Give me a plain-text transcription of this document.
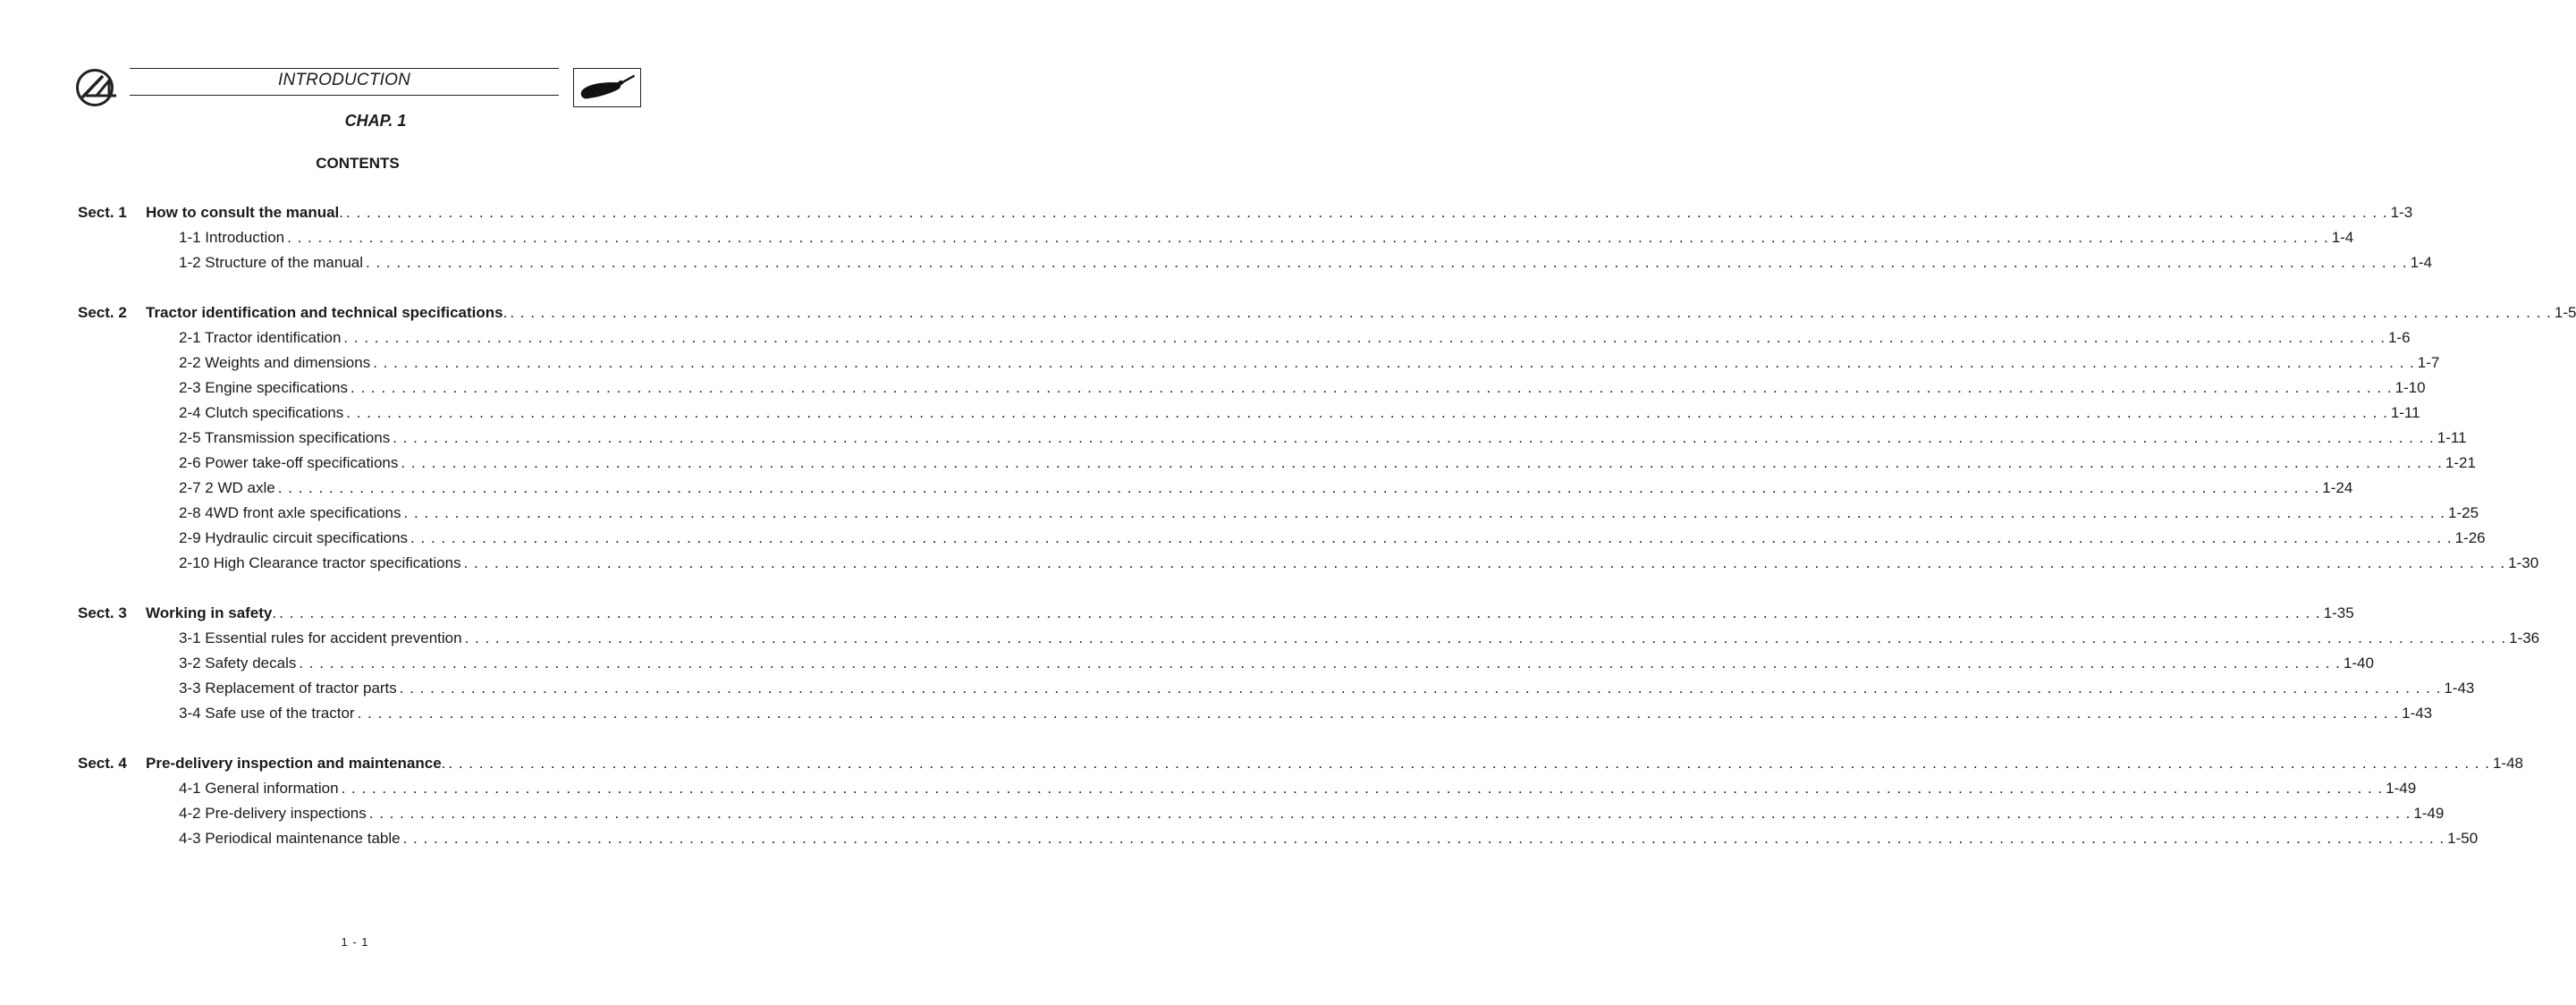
INTRODUCTION
CHAP. 1
CONTENTS
Sect. 1 How to consult the manual . . . . . . . . . . . . . . . . . . . . . . . . . . . . . . . . . . . . . . . . . . . . . . . . . . . . . . . . . . . . . . . . . . . . . . . . . . . . . . . . . . . . . . . . . . . . . . . . . . . . . . . . . . . . . . . . . . . . . . . . . . . . . . . . . . . . . . . . . . . . . . . . . . . . . . . . . . . . . . . . . . . . . . . . . . . . . . . . . . . . . . . . . . . . . . . . . . . . . . . . . 1-3
1-1 Introduction . . . . . . . . . . . . . . . . . . . . . . . . . . . . . . . . . . . . . . . . . . . . . . . . . . . . . . . . . . . . . . . . . . . . . . . . . . . . . . . . . . . . . . . . . . . . . . . . . . . . . . . . . . . . . . . . . . . . . . . . . . . . . . . . . . . . . . . . . . . . . . . . . . . . . . . . . . . . . . . . . . . . . . . . . . . . . . . . . . . . . . . . . . . . . . . . . . . . . . . . 1-4
1-2 Structure of the manual . . . . . . . . . . . . . . . . . . . . . . . . . . . . . . . . . . . . . . . . . . . . . . . . . . . . . . . . . . . . . . . . . . . . . . . . . . . . . . . . . . . . . . . . . . . . . . . . . . . . . . . . . . . . . . . . . . . . . . . . . . . . . . . . . . . . . . . . . . . . . . . . . . . . . . . . . . . . . . . . . . . . . . . . . . . . . . . . . . . . . . . . . . . . . . . . . . . . . . . . 1-4
Sect. 2 Tractor identification and technical specifications . . . . . . . . . . . . . . . . . . . . . . . . . . . . . . . . . . . . . . . . . . . . . . . . . . . . . . . . . . . . . . . . . . . . . . . . . . . . . . . . . . . . . . . . . . . . . . . . . . . . . . . . . . . . . . . . . . . . . . . . . . . . . . . . . . . . . . . . . . . . . . . . . . . . . . . . . . . . . . . . . . . . . . . . . . . . . . . . . . . . . . . . . . . . . . . . . . . . . . . . . 1-5
2-1 Tractor identification . . . . . . . . . . . . . . . . . . . . . . . . . . . . . . . . . . . . . . . . . . . . . . . . . . . . . . . . . . . . . . . . . . . . . . . . . . . . . . . . . . . . . . . . . . . . . . . . . . . . . . . . . . . . . . . . . . . . . . . . . . . . . . . . . . . . . . . . . . . . . . . . . . . . . . . . . . . . . . . . . . . . . . . . . . . . . . . . . . . . . . . . . . . . . . . . . . . . . . . . 1-6
2-2 Weights and dimensions . . . . . . . . . . . . . . . . . . . . . . . . . . . . . . . . . . . . . . . . . . . . . . . . . . . . . . . . . . . . . . . . . . . . . . . . . . . . . . . . . . . . . . . . . . . . . . . . . . . . . . . . . . . . . . . . . . . . . . . . . . . . . . . . . . . . . . . . . . . . . . . . . . . . . . . . . . . . . . . . . . . . . . . . . . . . . . . . . . . . . . . . . . . . . . . . . . . . . . . . 1-7
2-3 Engine specifications . . . . . . . . . . . . . . . . . . . . . . . . . . . . . . . . . . . . . . . . . . . . . . . . . . . . . . . . . . . . . . . . . . . . . . . . . . . . . . . . . . . . . . . . . . . . . . . . . . . . . . . . . . . . . . . . . . . . . . . . . . . . . . . . . . . . . . . . . . . . . . . . . . . . . . . . . . . . . . . . . . . . . . . . . . . . . . . . . . . . . . . . . . . . . . . . . . . . . . . . 1-10
2-4 Clutch specifications . . . . . . . . . . . . . . . . . . . . . . . . . . . . . . . . . . . . . . . . . . . . . . . . . . . . . . . . . . . . . . . . . . . . . . . . . . . . . . . . . . . . . . . . . . . . . . . . . . . . . . . . . . . . . . . . . . . . . . . . . . . . . . . . . . . . . . . . . . . . . . . . . . . . . . . . . . . . . . . . . . . . . . . . . . . . . . . . . . . . . . . . . . . . . . . . . . . . . . . . 1-11
2-5 Transmission specifications . . . . . . . . . . . . . . . . . . . . . . . . . . . . . . . . . . . . . . . . . . . . . . . . . . . . . . . . . . . . . . . . . . . . . . . . . . . . . . . . . . . . . . . . . . . . . . . . . . . . . . . . . . . . . . . . . . . . . . . . . . . . . . . . . . . . . . . . . . . . . . . . . . . . . . . . . . . . . . . . . . . . . . . . . . . . . . . . . . . . . . . . . . . . . . . . . . . . . . . . 1-11
2-6 Power take-off specifications . . . . . . . . . . . . . . . . . . . . . . . . . . . . . . . . . . . . . . . . . . . . . . . . . . . . . . . . . . . . . . . . . . . . . . . . . . . . . . . . . . . . . . . . . . . . . . . . . . . . . . . . . . . . . . . . . . . . . . . . . . . . . . . . . . . . . . . . . . . . . . . . . . . . . . . . . . . . . . . . . . . . . . . . . . . . . . . . . . . . . . . . . . . . . . . . . . . . . . . . 1-21
2-7 2 WD axle . . . . . . . . . . . . . . . . . . . . . . . . . . . . . . . . . . . . . . . . . . . . . . . . . . . . . . . . . . . . . . . . . . . . . . . . . . . . . . . . . . . . . . . . . . . . . . . . . . . . . . . . . . . . . . . . . . . . . . . . . . . . . . . . . . . . . . . . . . . . . . . . . . . . . . . . . . . . . . . . . . . . . . . . . . . . . . . . . . . . . . . . . . . . . . . . . . . . . . . . 1-24
2-8 4WD front axle specifications . . . . . . . . . . . . . . . . . . . . . . . . . . . . . . . . . . . . . . . . . . . . . . . . . . . . . . . . . . . . . . . . . . . . . . . . . . . . . . . . . . . . . . . . . . . . . . . . . . . . . . . . . . . . . . . . . . . . . . . . . . . . . . . . . . . . . . . . . . . . . . . . . . . . . . . . . . . . . . . . . . . . . . . . . . . . . . . . . . . . . . . . . . . . . . . . . . . . . . . . 1-25
2-9 Hydraulic circuit specifications . . . . . . . . . . . . . . . . . . . . . . . . . . . . . . . . . . . . . . . . . . . . . . . . . . . . . . . . . . . . . . . . . . . . . . . . . . . . . . . . . . . . . . . . . . . . . . . . . . . . . . . . . . . . . . . . . . . . . . . . . . . . . . . . . . . . . . . . . . . . . . . . . . . . . . . . . . . . . . . . . . . . . . . . . . . . . . . . . . . . . . . . . . . . . . . . . . . . . . . . 1-26
2-10 High Clearance tractor specifications . . . . . . . . . . . . . . . . . . . . . . . . . . . . . . . . . . . . . . . . . . . . . . . . . . . . . . . . . . . . . . . . . . . . . . . . . . . . . . . . . . . . . . . . . . . . . . . . . . . . . . . . . . . . . . . . . . . . . . . . . . . . . . . . . . . . . . . . . . . . . . . . . . . . . . . . . . . . . . . . . . . . . . . . . . . . . . . . . . . . . . . . . . . . . . . . . . . . . . . . 1-30
Sect. 3 Working in safety . . . . . . . . . . . . . . . . . . . . . . . . . . . . . . . . . . . . . . . . . . . . . . . . . . . . . . . . . . . . . . . . . . . . . . . . . . . . . . . . . . . . . . . . . . . . . . . . . . . . . . . . . . . . . . . . . . . . . . . . . . . . . . . . . . . . . . . . . . . . . . . . . . . . . . . . . . . . . . . . . . . . . . . . . . . . . . . . . . . . . . . . . . . . . . . . . . . . . . . . . 1-35
3-1 Essential rules for accident prevention . . . . . . . . . . . . . . . . . . . . . . . . . . . . . . . . . . . . . . . . . . . . . . . . . . . . . . . . . . . . . . . . . . . . . . . . . . . . . . . . . . . . . . . . . . . . . . . . . . . . . . . . . . . . . . . . . . . . . . . . . . . . . . . . . . . . . . . . . . . . . . . . . . . . . . . . . . . . . . . . . . . . . . . . . . . . . . . . . . . . . . . . . . . . . . . . . . . . . . . . 1-36
3-2 Safety decals . . . . . . . . . . . . . . . . . . . . . . . . . . . . . . . . . . . . . . . . . . . . . . . . . . . . . . . . . . . . . . . . . . . . . . . . . . . . . . . . . . . . . . . . . . . . . . . . . . . . . . . . . . . . . . . . . . . . . . . . . . . . . . . . . . . . . . . . . . . . . . . . . . . . . . . . . . . . . . . . . . . . . . . . . . . . . . . . . . . . . . . . . . . . . . . . . . . . . . . . 1-40
3-3 Replacement of tractor parts . . . . . . . . . . . . . . . . . . . . . . . . . . . . . . . . . . . . . . . . . . . . . . . . . . . . . . . . . . . . . . . . . . . . . . . . . . . . . . . . . . . . . . . . . . . . . . . . . . . . . . . . . . . . . . . . . . . . . . . . . . . . . . . . . . . . . . . . . . . . . . . . . . . . . . . . . . . . . . . . . . . . . . . . . . . . . . . . . . . . . . . . . . . . . . . . . . . . . . . . 1-43
3-4 Safe use of the tractor . . . . . . . . . . . . . . . . . . . . . . . . . . . . . . . . . . . . . . . . . . . . . . . . . . . . . . . . . . . . . . . . . . . . . . . . . . . . . . . . . . . . . . . . . . . . . . . . . . . . . . . . . . . . . . . . . . . . . . . . . . . . . . . . . . . . . . . . . . . . . . . . . . . . . . . . . . . . . . . . . . . . . . . . . . . . . . . . . . . . . . . . . . . . . . . . . . . . . . . . 1-43
Sect. 4 Pre-delivery inspection and maintenance . . . . . . . . . . . . . . . . . . . . . . . . . . . . . . . . . . . . . . . . . . . . . . . . . . . . . . . . . . . . . . . . . . . . . . . . . . . . . . . . . . . . . . . . . . . . . . . . . . . . . . . . . . . . . . . . . . . . . . . . . . . . . . . . . . . . . . . . . . . . . . . . . . . . . . . . . . . . . . . . . . . . . . . . . . . . . . . . . . . . . . . . . . . . . . . . . . . . . . . . . 1-48
4-1 General information . . . . . . . . . . . . . . . . . . . . . . . . . . . . . . . . . . . . . . . . . . . . . . . . . . . . . . . . . . . . . . . . . . . . . . . . . . . . . . . . . . . . . . . . . . . . . . . . . . . . . . . . . . . . . . . . . . . . . . . . . . . . . . . . . . . . . . . . . . . . . . . . . . . . . . . . . . . . . . . . . . . . . . . . . . . . . . . . . . . . . . . . . . . . . . . . . . . . . . . . 1-49
4-2 Pre-delivery inspections . . . . . . . . . . . . . . . . . . . . . . . . . . . . . . . . . . . . . . . . . . . . . . . . . . . . . . . . . . . . . . . . . . . . . . . . . . . . . . . . . . . . . . . . . . . . . . . . . . . . . . . . . . . . . . . . . . . . . . . . . . . . . . . . . . . . . . . . . . . . . . . . . . . . . . . . . . . . . . . . . . . . . . . . . . . . . . . . . . . . . . . . . . . . . . . . . . . . . . . . 1-49
4-3 Periodical maintenance table . . . . . . . . . . . . . . . . . . . . . . . . . . . . . . . . . . . . . . . . . . . . . . . . . . . . . . . . . . . . . . . . . . . . . . . . . . . . . . . . . . . . . . . . . . . . . . . . . . . . . . . . . . . . . . . . . . . . . . . . . . . . . . . . . . . . . . . . . . . . . . . . . . . . . . . . . . . . . . . . . . . . . . . . . . . . . . . . . . . . . . . . . . . . . . . . . . . . . . . . 1-50
1 - 1
